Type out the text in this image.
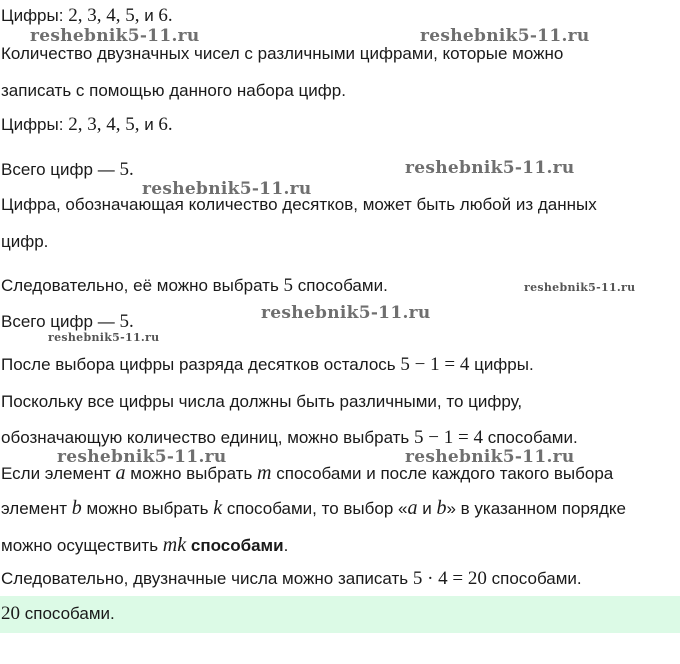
Цифры: 2, 3, 4, 5, и 6.
Количество двузначных чисел с различными цифрами, которые можно
записать с помощью данного набора цифр.
Цифры: 2, 3, 4, 5, и 6.
Всего цифр — 5.
Цифра, обозначающая количество десятков, может быть любой из данных
цифр.
Следовательно, её можно выбрать 5 способами.
Всего цифр — 5.
После выбора цифры разряда десятков осталось 5 − 1 = 4 цифры.
Поскольку все цифры числа должны быть различными, то цифру,
обозначающую количество единиц, можно выбрать 5 − 1 = 4 способами.
Если элемент a можно выбрать m способами и после каждого такого выбора
элемент b можно выбрать k способами, то выбор «a и b» в указанном порядке
можно осуществить mk способами.
Следовательно, двузначные числа можно записать 5 · 4 = 20 способами.
20 способами.
reshebnik5-11.ru	reshebnik5-11.ru
reshebnik5-11.ru
reshebnik5-11.ru
reshebnik5-11.ru
reshebnik5-11.ru
reshebnik5-11.ru
reshebnik5-11.ru	reshebnik5-11.ru
